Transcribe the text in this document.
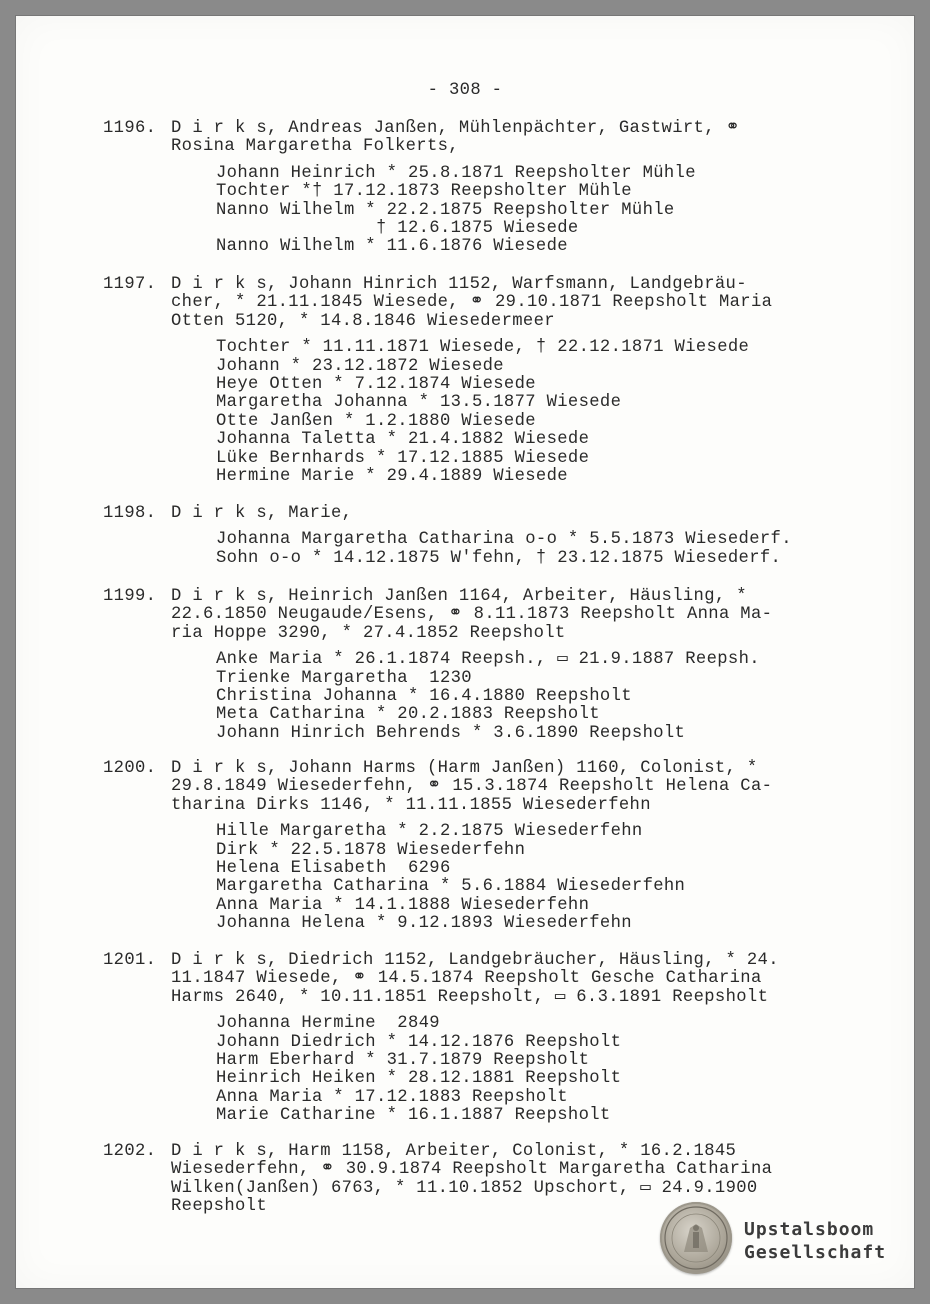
- 308 -
1196. D i r k s, Andreas Janßen, Mühlenpächter, Gastwirt, ⚭
Rosina Margaretha Folkerts,
Johann Heinrich * 25.8.1871 Reepsholter Mühle
Tochter *† 17.12.1873 Reepsholter Mühle
Nanno Wilhelm * 22.2.1875 Reepsholter Mühle
† 12.6.1875 Wiesede
Nanno Wilhelm * 11.6.1876 Wiesede
1197. D i r k s, Johann Hinrich 1152, Warfsmann, Landgebräu-
cher, * 21.11.1845 Wiesede, ⚭ 29.10.1871 Reepsholt Maria
Otten 5120, * 14.8.1846 Wiesedermeer
Tochter * 11.11.1871 Wiesede, † 22.12.1871 Wiesede
Johann * 23.12.1872 Wiesede
Heye Otten * 7.12.1874 Wiesede
Margaretha Johanna * 13.5.1877 Wiesede
Otte Janßen * 1.2.1880 Wiesede
Johanna Taletta * 21.4.1882 Wiesede
Lüke Bernhards * 17.12.1885 Wiesede
Hermine Marie * 29.4.1889 Wiesede
1198. D i r k s, Marie,
Johanna Margaretha Catharina o-o * 5.5.1873 Wiesederf.
Sohn o-o * 14.12.1875 W'fehn, † 23.12.1875 Wiesederf.
1199. D i r k s, Heinrich Janßen 1164, Arbeiter, Häusling, *
22.6.1850 Neugaude/Esens, ⚭ 8.11.1873 Reepsholt Anna Ma-
ria Hoppe 3290, * 27.4.1852 Reepsholt
Anke Maria * 26.1.1874 Reepsh., ▭ 21.9.1887 Reepsh.
Trienke Margaretha  1230
Christina Johanna * 16.4.1880 Reepsholt
Meta Catharina * 20.2.1883 Reepsholt
Johann Hinrich Behrends * 3.6.1890 Reepsholt
1200. D i r k s, Johann Harms (Harm Janßen) 1160, Colonist, *
29.8.1849 Wiesederfehn, ⚭ 15.3.1874 Reepsholt Helena Ca-
tharina Dirks 1146, * 11.11.1855 Wiesederfehn
Hille Margaretha * 2.2.1875 Wiesederfehn
Dirk * 22.5.1878 Wiesederfehn
Helena Elisabeth  6296
Margaretha Catharina * 5.6.1884 Wiesederfehn
Anna Maria * 14.1.1888 Wiesederfehn
Johanna Helena * 9.12.1893 Wiesederfehn
1201. D i r k s, Diedrich 1152, Landgebräucher, Häusling, * 24.
11.1847 Wiesede, ⚭ 14.5.1874 Reepsholt Gesche Catharina
Harms 2640, * 10.11.1851 Reepsholt, ▭ 6.3.1891 Reepsholt
Johanna Hermine  2849
Johann Diedrich * 14.12.1876 Reepsholt
Harm Eberhard * 31.7.1879 Reepsholt
Heinrich Heiken * 28.12.1881 Reepsholt
Anna Maria * 17.12.1883 Reepsholt
Marie Catharine * 16.1.1887 Reepsholt
1202. D i r k s, Harm 1158, Arbeiter, Colonist, * 16.2.1845
Wiesederfehn, ⚭ 30.9.1874 Reepsholt Margaretha Catharina
Wilken(Janßen) 6763, * 11.10.1852 Upschort, ▭ 24.9.1900
Reepsholt
Upstalsboom
Gesellschaft
